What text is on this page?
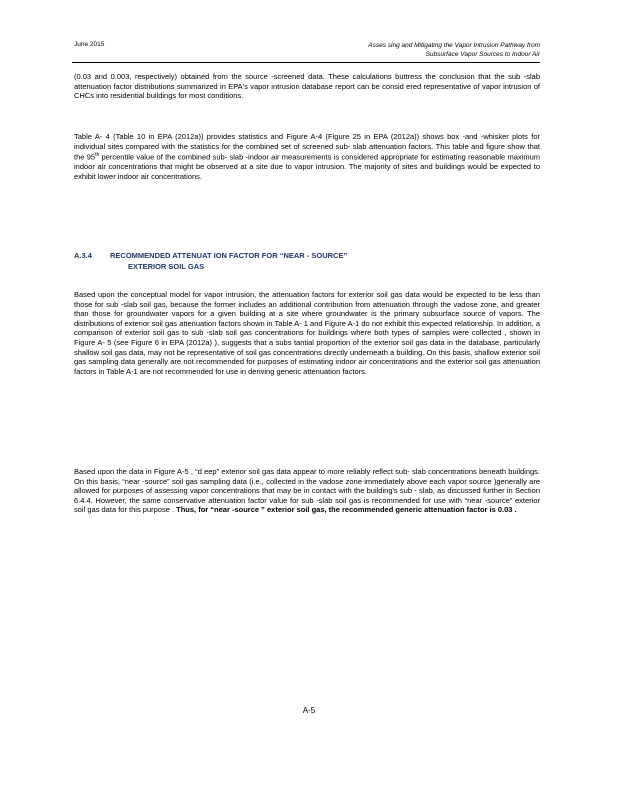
June 2015	Asses sing and Mitigating the Vapor Intrusion Pathway from
Subsurface Vapor Sources to Indoor Air
(0.03 and 0.003, respectively) obtained from the source -screened data. These calculations buttress the conclusion that the sub -slab attenuation factor distributions summarized in EPA's vapor intrusion database report can be consid ered representative of vapor intrusion of CHCs into residential buildings for most conditions.
Table A- 4 (Table 10 in EPA (2012a)) provides statistics and Figure A-4 (Figure 25 in EPA (2012a)) shows box -and -whisker plots for individual sites compared with the statistics for the combined set of screened sub- slab attenuation factors. This table and figure show that the 95th percentile value of the combined sub- slab -indoor air measurements is considered appropriate for estimating reasonable maximum indoor air concentrations that might be observed at a site due to vapor intrusion. The majority of sites and buildings would be expected to exhibit lower indoor air concentrations.
A.3.4 RECOMMENDED ATTENUAT ION FACTOR FOR “NEAR - SOURCE”
EXTERIOR SOIL GAS
Based upon the conceptual model for vapor intrusion, the attenuation factors for exterior soil gas data would be expected to be less than those for sub -slab soil gas, because the former includes an additional contribution from attenuation through the vadose zone, and greater than those for groundwater vapors for a given building at a site where groundwater is the primary subsurface source of vapors. The distributions of exterior soil gas attenuation factors shown in Table A- 1 and Figure A-1 do not exhibit this expected relationship. In addition, a comparison of exterior soil gas to sub -slab soil gas concentrations for buildings where both types of samples were collected , shown in Figure A- 5 (see Figure 6 in EPA (2012a) ), suggests that a subs tantial proportion of the exterior soil gas data in the database, particularly shallow soil gas data, may not be representative of soil gas concentrations directly underneath a building. On this basis, shallow exterior soil gas sampling data generally are not recommended for purposes of estimating indoor air concentrations and the exterior soil gas attenuation factors in Table A-1 are not recommended for use in deriving generic attenuation factors.
Based upon the data in Figure A-5 , “d eep” exterior soil gas data appear to more reliably reflect sub- slab concentrations beneath buildings. On this basis, “near -source” soil gas sampling data (i.e., collected in the vadose zone immediately above each vapor source )generally are allowed for purposes of assessing vapor concentrations that may be in contact with the building's sub - slab, as discussed further in Section 6.4.4. However, the same conservative attenuation factor value for sub -slab soil gas is recommended for use with “near -source” exterior soil gas data for this purpose . Thus, for “near -source ” exterior soil gas, the recommended generic attenuation factor is 0.03 .
A-5
